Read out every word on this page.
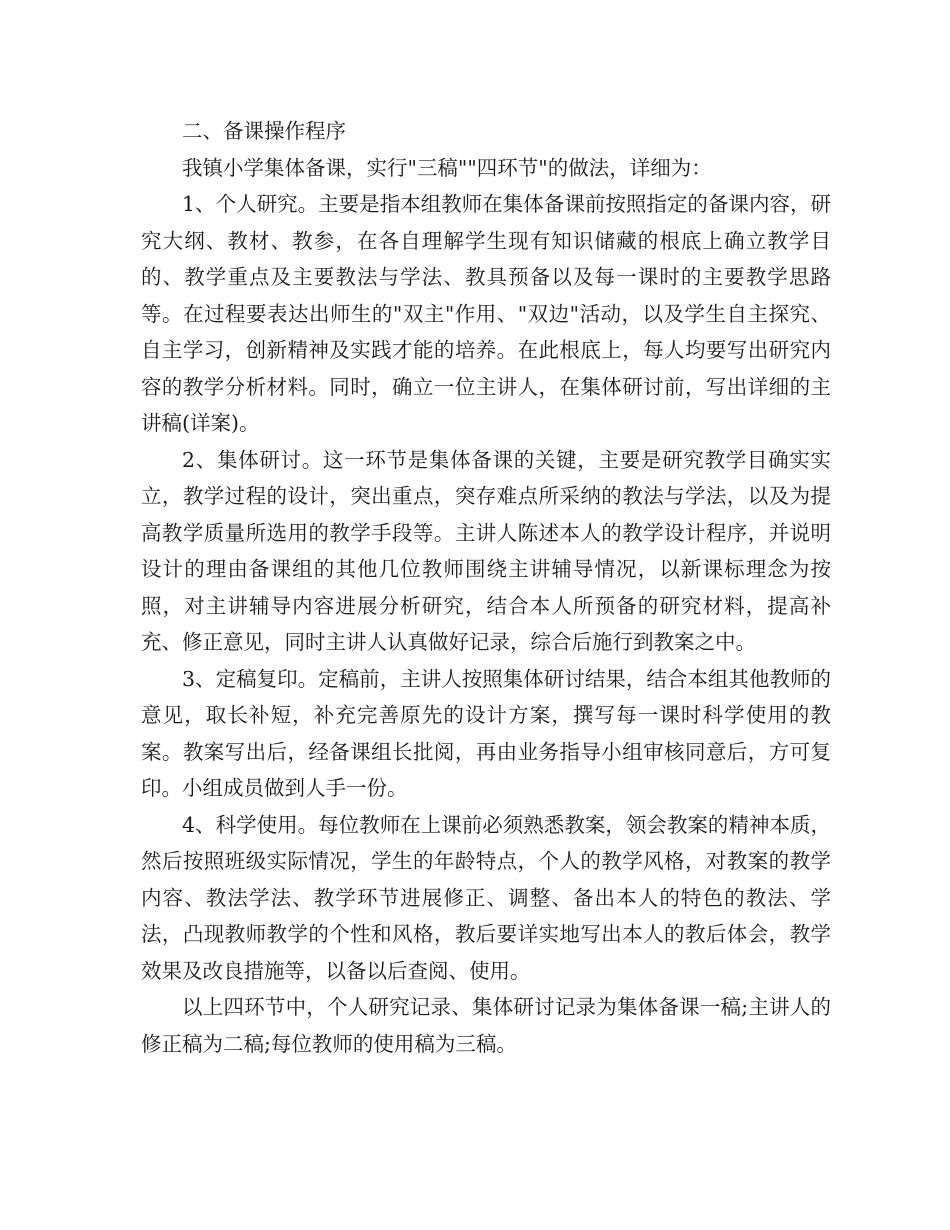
二、备课操作程序

我镇小学集体备课，实行"三稿""四环节"的做法，详细为：

1、个人研究。主要是指本组教师在集体备课前按照指定的备课内容，研究大纲、教材、教参，在各自理解学生现有知识储藏的根底上确立教学目的、教学重点及主要教法与学法、教具预备以及每一课时的主要教学思路等。在过程要表达出师生的"双主"作用、"双边"活动，以及学生自主探究、自主学习，创新精神及实践才能的培养。在此根底上，每人均要写出研究内容的教学分析材料。同时，确立一位主讲人，在集体研讨前，写出详细的主讲稿(详案)。

2、集体研讨。这一环节是集体备课的关键，主要是研究教学目确实实立，教学过程的设计，突出重点，突存难点所采纳的教法与学法，以及为提高教学质量所选用的教学手段等。主讲人陈述本人的教学设计程序，并说明设计的理由备课组的其他几位教师围绕主讲辅导情况，以新课标理念为按照，对主讲辅导内容进展分析研究，结合本人所预备的研究材料，提高补充、修正意见，同时主讲人认真做好记录，综合后施行到教案之中。

3、定稿复印。定稿前，主讲人按照集体研讨结果，结合本组其他教师的意见，取长补短，补充完善原先的设计方案，撰写每一课时科学使用的教案。教案写出后，经备课组长批阅，再由业务指导小组审核同意后，方可复印。小组成员做到人手一份。

4、科学使用。每位教师在上课前必须熟悉教案，领会教案的精神本质，然后按照班级实际情况，学生的年龄特点，个人的教学风格，对教案的教学内容、教法学法、教学环节进展修正、调整、备出本人的特色的教法、学法，凸现教师教学的个性和风格，教后要详实地写出本人的教后体会，教学效果及改良措施等，以备以后查阅、使用。

以上四环节中，个人研究记录、集体研讨记录为集体备课一稿;主讲人的修正稿为二稿;每位教师的使用稿为三稿。
